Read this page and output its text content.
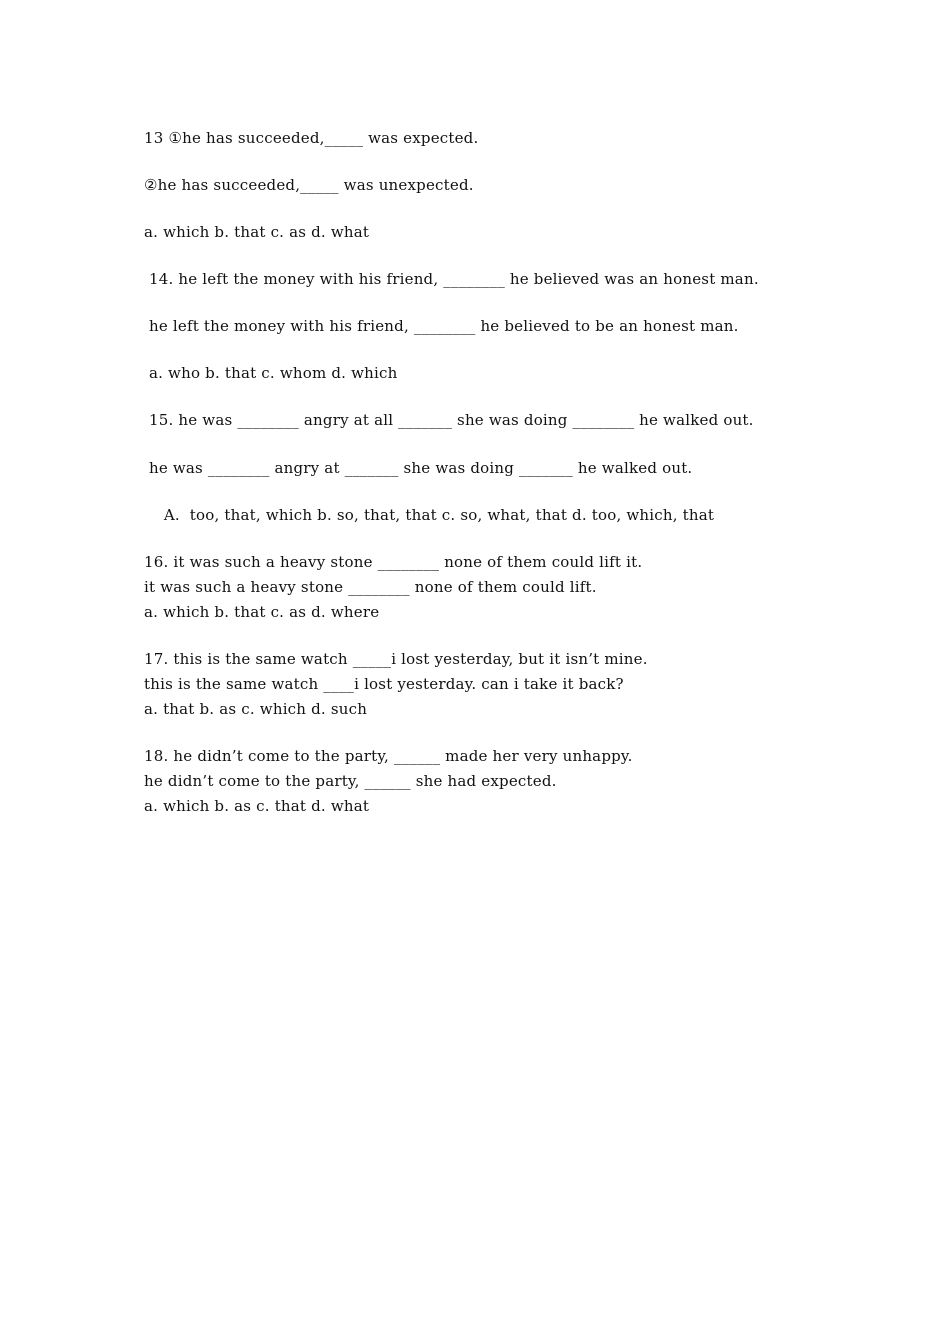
13 ①he has succeeded,_____ was expected.
②he has succeeded,_____ was unexpected.
a. which b. that c. as d. what
14. he left the money with his friend, ________ he believed was an honest man.
he left the money with his friend, ________ he believed to be an honest man.
a. who b. that c. whom d. which
15. he was ________ angry at all _______ she was doing ________ he walked out.
he was ________ angry at _______ she was doing _______ he walked out.
A.  too, that, which b. so, that, that c. so, what, that d. too, which, that
16. it was such a heavy stone ________ none of them could lift it.
it was such a heavy stone ________ none of them could lift.
a. which b. that c. as d. where
17. this is the same watch _____i lost yesterday, but it isn’t mine.
this is the same watch ____i lost yesterday. can i take it back?
a. that b. as c. which d. such
18. he didn’t come to the party, ______ made her very unhappy.
he didn’t come to the party, ______ she had expected.
a. which b. as c. that d. what
